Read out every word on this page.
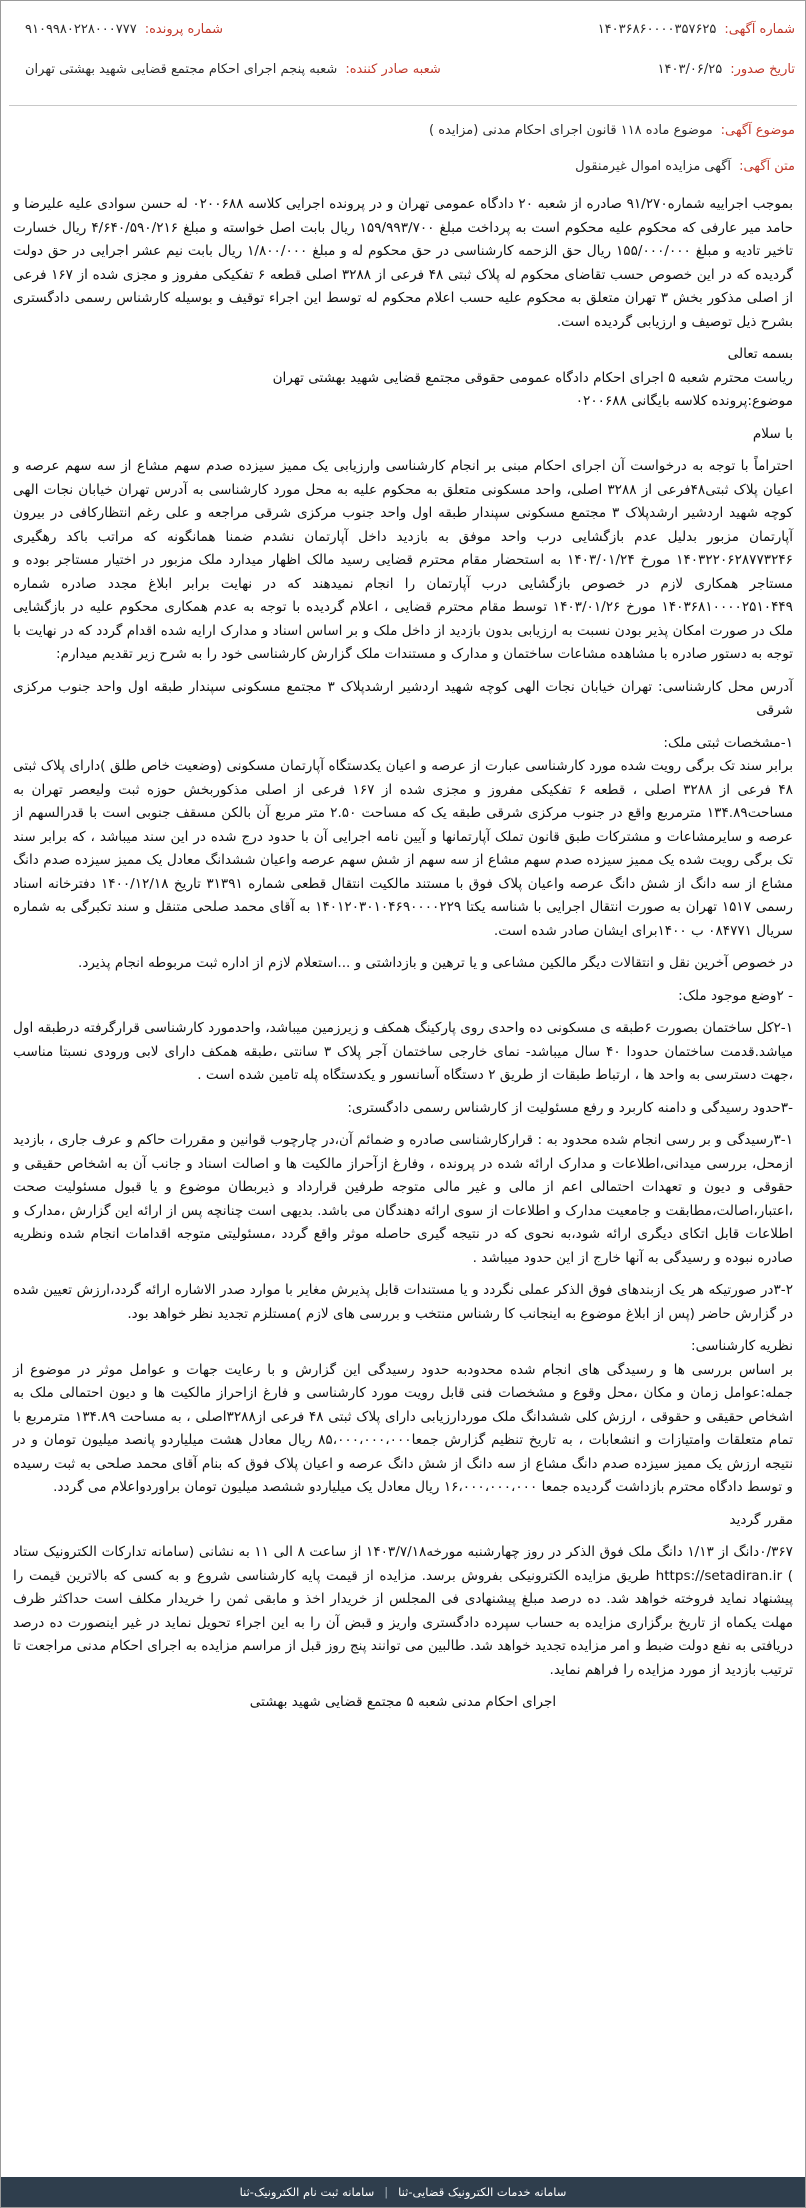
شماره آگهی:
۱۴۰۳۶۸۶۰۰۰۰۳۵۷۶۲۵
شماره پرونده:
۹۱۰۹۹۸۰۲۲۸۰۰۰۷۷۷
تاریخ صدور:
۱۴۰۳/۰۶/۲۵
شعبه صادر کننده:
شعبه پنجم اجرای احکام مجتمع قضایی شهید بهشتی تهران
موضوع آگهی:
موضوع ماده ۱۱۸ قانون اجرای احکام مدنی (مزایده )
متن آگهی:
آگهی مزایده اموال غیرمنقول

بموجب اجراییه شماره۹۱/۲۷۰ صادره از شعبه ۲۰ دادگاه عمومی تهران و در پرونده اجرایی کلاسه ۰۲۰۰۶۸۸ له حسن سوادی علیه علیرضا و حامد میر عارفی که محکوم علیه محکوم است به پرداخت مبلغ ۱۵۹/۹۹۳/۷۰۰ ریال بابت اصل خواسته و مبلغ ۴/۶۴۰/۵۹۰/۲۱۶ ریال خسارت تاخیر تادیه و مبلغ ۱۵۵/۰۰۰/۰۰۰ ریال حق الزحمه کارشناسی در حق محکوم له و مبلغ ۱/۸۰۰/۰۰۰ ریال بابت نیم عشر اجرایی در حق دولت گردیده که در این خصوص حسب تقاضای محکوم له پلاک ثبتی ۴۸ فرعی از ۳۲۸۸ اصلی قطعه ۶ تفکیکی مفروز و مجزی شده از ۱۶۷ فرعی از اصلی مذکور بخش ۳ تهران متعلق به محکوم علیه حسب اعلام محکوم له توسط این اجراء توقیف و بوسیله کارشناس رسمی دادگستری بشرح ذیل توصیف و ارزیابی گردیده است.

بسمه تعالی

ریاست محترم شعبه ۵ اجرای احکام دادگاه عمومی حقوقی مجتمع قضایی شهید بهشتی تهران

موضوع:پرونده کلاسه بایگانی ۰۲۰۰۶۸۸

با سلام

احتراماً با توجه به درخواست آن اجرای احکام مبنی بر انجام کارشناسی وارزیابی یک ممیز سیزده صدم سهم مشاع از سه سهم عرصه و اعیان پلاک ثبتی۴۸فرعی از ۳۲۸۸ اصلی، واحد مسکونی متعلق به محکوم علیه به محل مورد کارشناسی به آدرس تهران خیابان نجات الهی کوچه شهید اردشیر ارشدپلاک ۳ مجتمع مسکونی سپندار طبقه اول واحد جنوب مرکزی شرقی مراجعه و علی رغم انتظارکافی در بیرون آپارتمان مزبور بدلیل عدم بازگشایی درب واحد موفق به بازدید داخل آپارتمان نشدم ضمنا همانگونه که مراتب باکد رهگیری ۱۴۰۳۲۲۰۶۲۸۷۷۳۲۴۶ مورخ ۱۴۰۳/۰۱/۲۴ به استحضار مقام محترم قضایی رسید مالک اظهار میدارد ملک مزبور در اختیار مستاجر بوده و مستاجر همکاری لازم در خصوص بازگشایی درب آپارتمان را انجام نمیدهند که در نهایت برابر ابلاغ مجدد صادره شماره ۱۴۰۳۶۸۱۰۰۰۰۲۵۱۰۴۴۹ مورخ ۱۴۰۳/۰۱/۲۶ توسط مقام محترم قضایی ، اعلام گردیده با توجه به عدم همکاری محکوم علیه در بازگشایی ملک در صورت امکان پذیر بودن نسبت به ارزیابی بدون بازدید از داخل ملک و بر اساس اسناد و مدارک ارایه شده اقدام گردد که در نهایت با توجه به دستور صادره با مشاهده مشاعات ساختمان و مدارک و مستندات ملک گزارش کارشناسی خود را به شرح زیر تقدیم میدارم:

آدرس محل کارشناسی: تهران خیابان نجات الهی کوچه شهید اردشیر ارشدپلاک ۳ مجتمع مسکونی سپندار طبقه اول واحد جنوب مرکزی شرقی

۱-مشخصات ثبتی ملک:

برابر سند تک برگی رویت شده مورد کارشناسی عبارت از عرصه و اعیان یکدستگاه آپارتمان مسکونی (وضعیت خاص طلق )دارای پلاک ثبتی ۴۸ فرعی از ۳۲۸۸ اصلی ، قطعه ۶ تفکیکی مفروز و مجزی شده از ۱۶۷ فرعی از اصلی مذکوربخش حوزه ثبت ولیعصر تهران به مساحت۱۳۴.۸۹ مترمربع واقع در جنوب مرکزی شرقی طبقه یک که مساحت ۲.۵۰ متر مربع آن بالکن مسقف جنوبی است با قدرالسهم از عرصه و سایرمشاعات و مشترکات طبق قانون تملک آپارتمانها و آیین نامه اجرایی آن با حدود درج شده در این سند میباشد ، که برابر سند تک برگی رویت شده یک ممیز سیزده صدم سهم مشاع از سه سهم از شش سهم عرصه واعیان ششدانگ معادل یک ممیز سیزده صدم دانگ مشاع از سه دانگ از شش دانگ عرصه واعیان پلاک فوق با مستند مالکیت انتقال قطعی شماره ۳۱۳۹۱ تاریخ ۱۴۰۰/۱۲/۱۸ دفترخانه اسناد رسمی ۱۵۱۷ تهران به صورت انتقال اجرایی با شناسه یکتا ۱۴۰۱۲۰۳۰۱۰۴۶۹۰۰۰۰۲۲۹ به آقای محمد صلحی متنقل و سند تکبرگی به شماره سریال ۰۸۴۷۷۱ ب ۱۴۰۰برای ایشان صادر شده است.

در خصوص آخرین نقل و انتقالات دیگر مالکین مشاعی و یا ترهین و بازداشتی و ...استعلام لازم از اداره ثبت مربوطه انجام پذیرد.

- ۲وضع موجود ملک:

۲-۱کل ساختمان بصورت ۶طبقه ی مسکونی ده واحدی روی پارکینگ همکف و زیرزمین میباشد، واحدمورد کارشناسی قرارگرفته درطبقه اول میاشد.قدمت ساختمان حدودا ۴۰ سال میباشد- نمای خارجی ساختمان آجر پلاک ۳ سانتی ،طبقه همکف دارای لابی ورودی نسبتا مناسب ،جهت دسترسی به واحد ها ، ارتباط طبقات از طریق ۲ دستگاه آسانسور و یکدستگاه پله تامین شده است .

-۳حدود رسیدگی و دامنه کاربرد و رفع مسئولیت از کارشناس رسمی دادگستری:

۳-۱رسیدگی و بر رسی انجام شده محدود به : قرارکارشناسی صادره و ضمائم آن،در چارچوب قوانین و مقررات حاکم و عرف جاری ، بازدید ازمحل، بررسی میدانی،اطلاعات و مدارک ارائه شده در پرونده ، وفارغ ازآحراز مالکیت ها و اصالت اسناد و جانب آن به اشخاص حقیقی و حقوقی و دیون و تعهدات احتمالی اعم از مالی و غیر مالی متوجه طرفین قرارداد و ذیربطان موضوع و یا قبول مسئولیت صحت ،اعتبار،اصالت،مطابقت و جامعیت مدارک و اطلاعات از سوی ارائه دهندگان می باشد. بدیهی است چنانچه پس از ارائه این گزارش ،مدارک و اطلاعات قابل اتکای دیگری ارائه شود،به نحوی که در نتیجه گیری حاصله موثر واقع گردد ،مسئولیتی متوجه اقدامات انجام شده ونظریه صادره نبوده و رسیدگی به آنها خارج از این حدود میباشد .

۳-۲در صورتیکه هر یک ازبندهای فوق الذکر عملی نگردد و یا مستندات قابل پذیرش مغایر با موارد صدر الاشاره ارائه گردد،ارزش تعیین شده در گزارش حاضر (پس از ابلاغ موضوع به اینجانب کا رشناس منتخب و بررسی های لازم )مستلزم تجدید نظر خواهد بود.

نظریه کارشناسی:

بر اساس بررسی ها و رسیدگی های انجام شده محدودبه حدود رسیدگی این گزارش و با رعایت جهات و عوامل موثر در موضوع از جمله:عوامل زمان و مکان ،محل وقوع و مشخصات فنی قابل رویت مورد کارشناسی و فارغ ازاحراز مالکیت ها و دیون احتمالی ملک به اشخاص حقیقی و حقوقی ، ارزش کلی ششدانگ ملک موردارزیابی دارای پلاک ثبتی ۴۸ فرعی از۳۲۸۸اصلی ، به مساحت ۱۳۴.۸۹ مترمربع با تمام متعلقات وامتیازات و انشعابات ، به تاریخ تنظیم گزارش جمعا۸۵،۰۰۰،۰۰۰،۰۰۰ ریال معادل هشت میلیاردو پانصد میلیون تومان و در نتیجه ارزش یک ممیز سیزده صدم دانگ مشاع از سه دانگ از شش دانگ عرصه و اعیان پلاک فوق که بنام آقای محمد صلحی به ثبت رسیده و توسط دادگاه محترم بازداشت گردیده جمعا ۱۶،۰۰۰،۰۰۰،۰۰۰ ریال معادل یک میلیاردو ششصد میلیون تومان براوردواعلام می گردد.

مقرر گردید

۰/۳۶۷دانگ از ۱/۱۳ دانگ ملک فوق الذکر در روز چهارشنبه مورخه۱۴۰۳/۷/۱۸ از ساعت ۸ الی ۱۱ به نشانی (سامانه تدارکات الکترونیک ستاد ) https://setadiran.ir طریق مزایده الکترونیکی بفروش برسد. مزایده از قیمت پایه کارشناسی شروع و به کسی که بالاترین قیمت را پیشنهاد نماید فروخته خواهد شد. ده درصد مبلغ پیشنهادی فی المجلس از خریدار اخذ و مابقی ثمن را خریدار مکلف است حداکثر ظرف مهلت یکماه از تاریخ برگزاری مزایده به حساب سپرده دادگستری واریز و قبض آن را به این اجراء تحویل نماید در غیر اینصورت ده درصد دریافتی به نفع دولت ضبط و امر مزایده تجدید خواهد شد. طالبین می توانند پنج روز قبل از مراسم مزایده به اجرای احکام مدنی مراجعت تا ترتیب بازدید از مورد مزایده را فراهم نماید.

اجرای احکام مدنی شعبه ۵ مجتمع قضایی شهید بهشتی

سامانه خدمات الکترونیک قضایی-ثنا
|
سامانه ثبت نام الکترونیک-ثنا
